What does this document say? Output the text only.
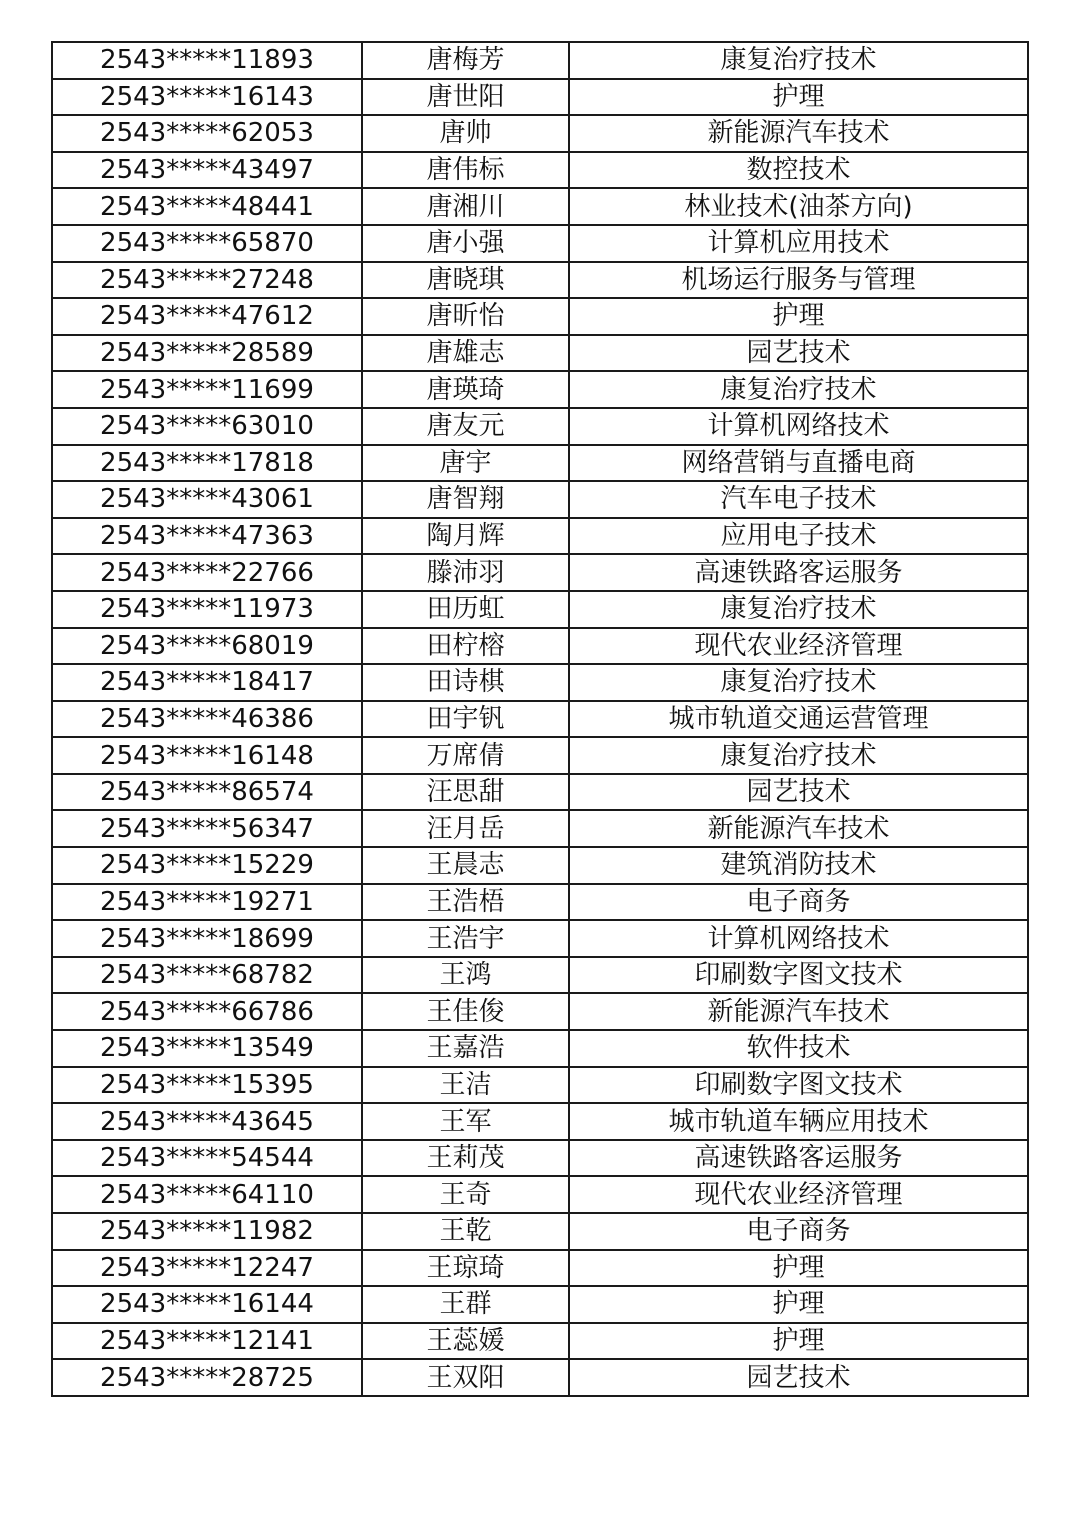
2543*****11893	唐梅芳	康复治疗技术
2543*****16143	唐世阳	护理
2543*****62053	唐帅	新能源汽车技术
2543*****43497	唐伟标	数控技术
2543*****48441	唐湘川	林业技术(油茶方向)
2543*****65870	唐小强	计算机应用技术
2543*****27248	唐晓琪	机场运行服务与管理
2543*****47612	唐昕怡	护理
2543*****28589	唐雄志	园艺技术
2543*****11699	唐瑛琦	康复治疗技术
2543*****63010	唐友元	计算机网络技术
2543*****17818	唐宇	网络营销与直播电商
2543*****43061	唐智翔	汽车电子技术
2543*****47363	陶月辉	应用电子技术
2543*****22766	滕沛羽	高速铁路客运服务
2543*****11973	田历虹	康复治疗技术
2543*****68019	田柠榕	现代农业经济管理
2543*****18417	田诗棋	康复治疗技术
2543*****46386	田宇钒	城市轨道交通运营管理
2543*****16148	万席倩	康复治疗技术
2543*****86574	汪思甜	园艺技术
2543*****56347	汪月岳	新能源汽车技术
2543*****15229	王晨志	建筑消防技术
2543*****19271	王浩梧	电子商务
2543*****18699	王浩宇	计算机网络技术
2543*****68782	王鸿	印刷数字图文技术
2543*****66786	王佳俊	新能源汽车技术
2543*****13549	王嘉浩	软件技术
2543*****15395	王洁	印刷数字图文技术
2543*****43645	王军	城市轨道车辆应用技术
2543*****54544	王莉茂	高速铁路客运服务
2543*****64110	王奇	现代农业经济管理
2543*****11982	王乾	电子商务
2543*****12247	王琼琦	护理
2543*****16144	王群	护理
2543*****12141	王蕊媛	护理
2543*****28725	王双阳	园艺技术
